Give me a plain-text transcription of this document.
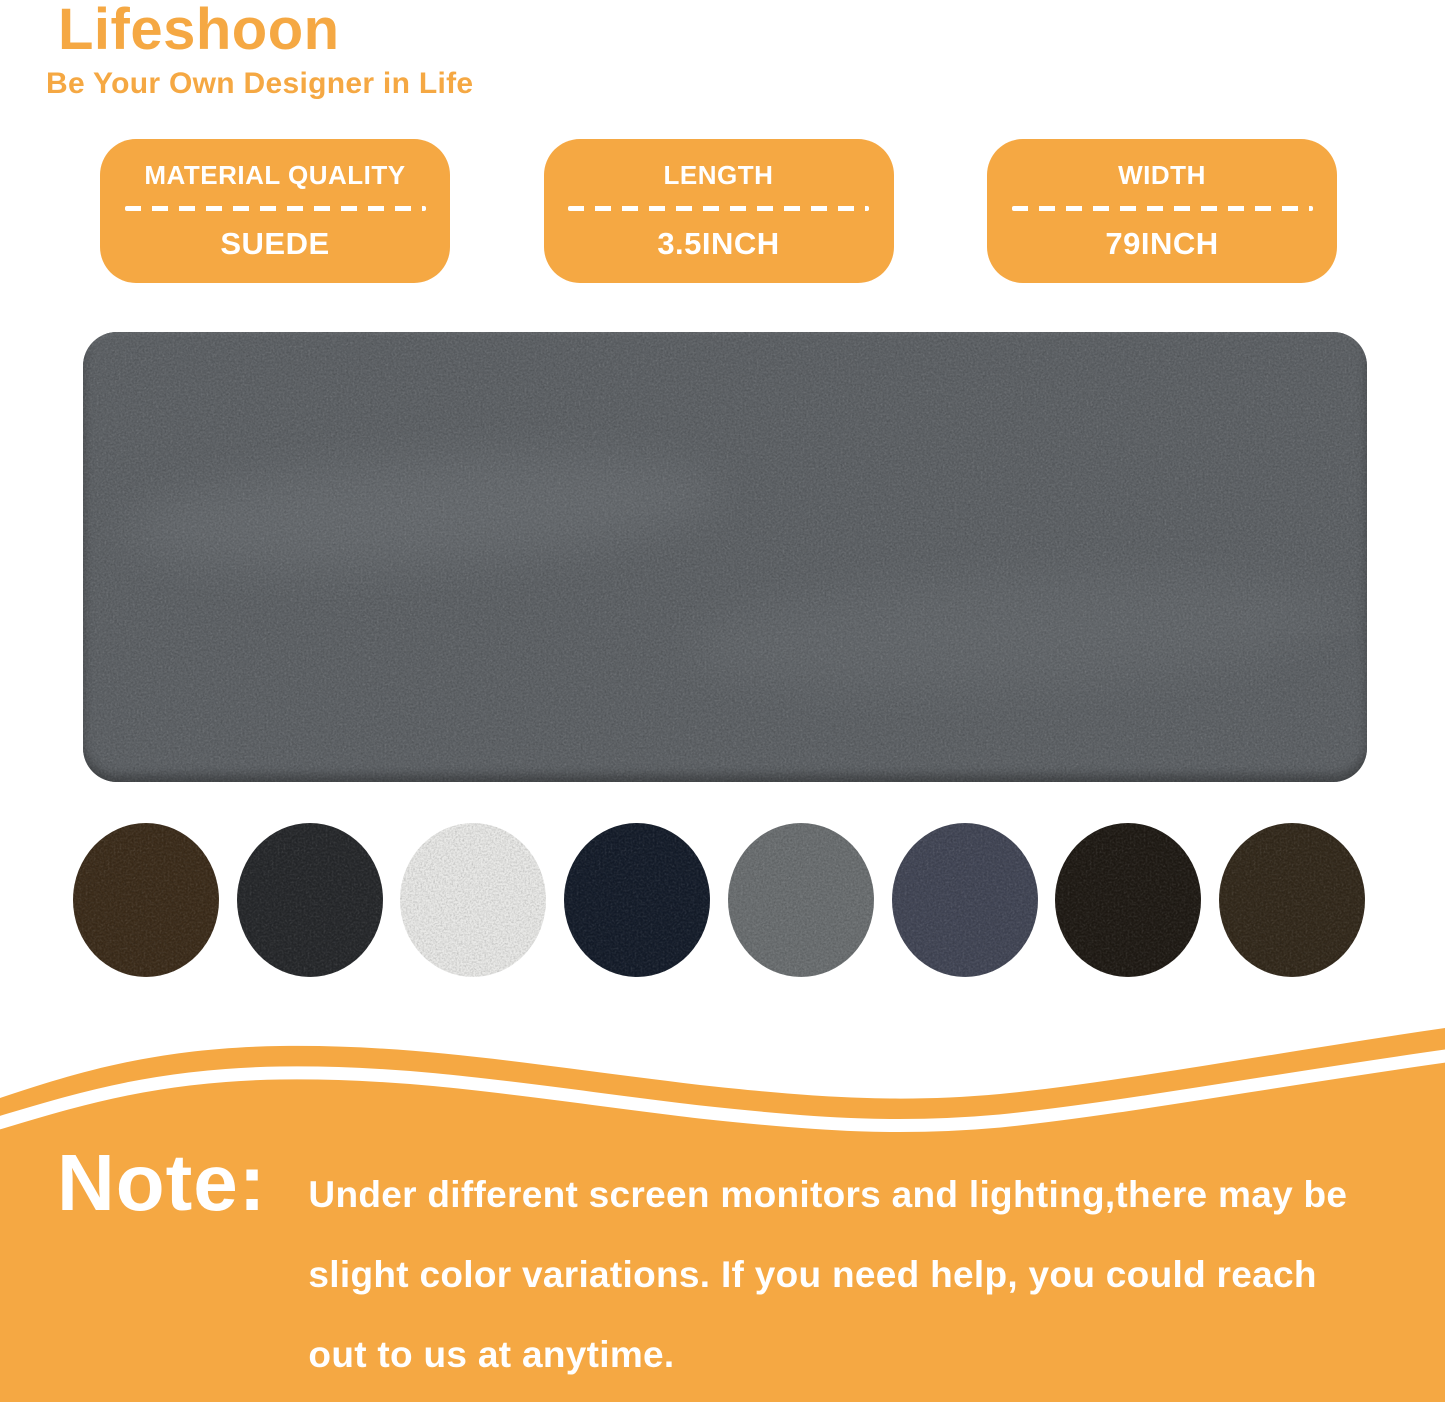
Lifeshoon
Be Your Own Designer in Life
MATERIAL QUALITY
SUEDE
LENGTH
3.5INCH
WIDTH
79INCH
Note: Under different screen monitors and lighting,there may be

slight color variations. If you need help, you could reach

out to us at anytime.
